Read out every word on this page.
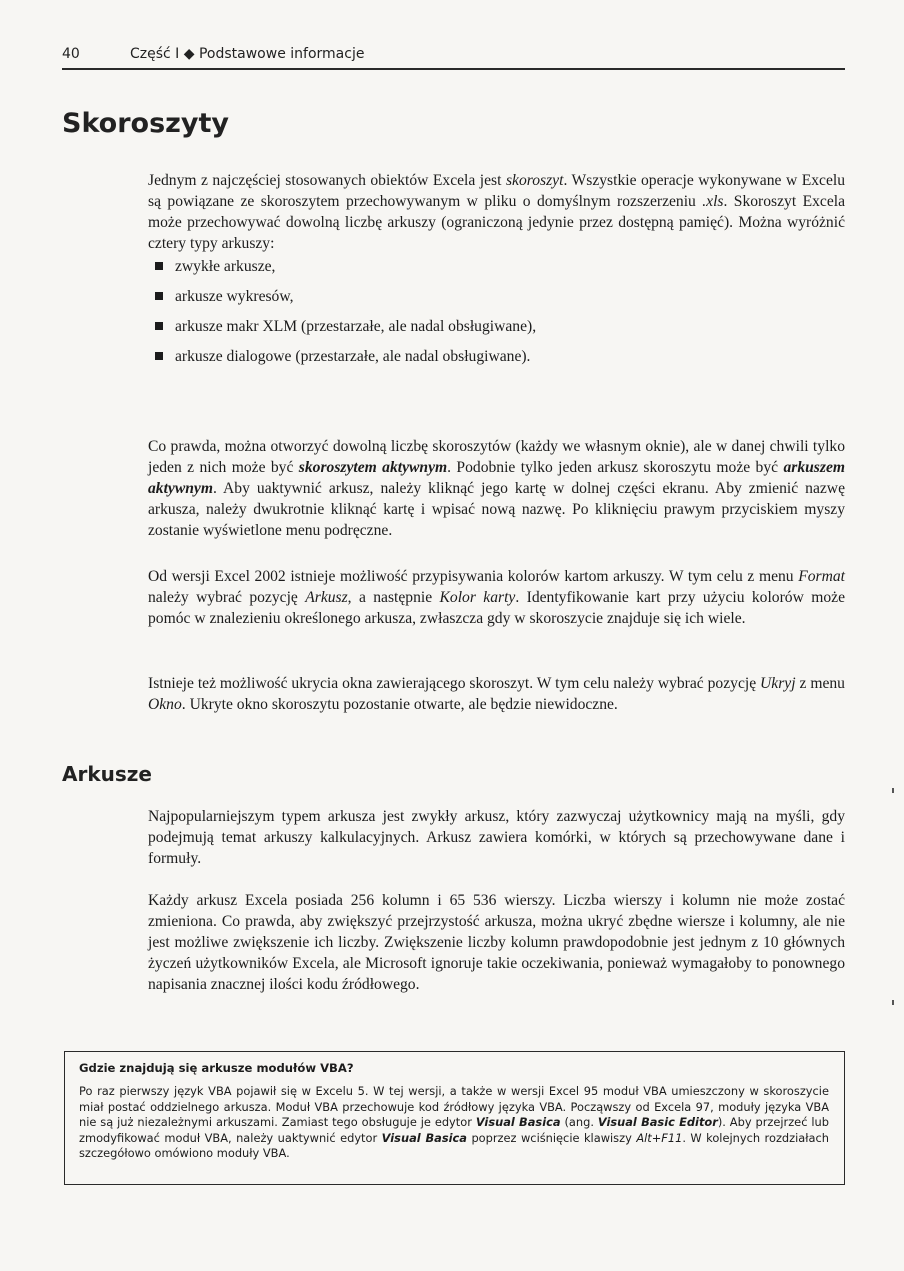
40	Część I ◆ Podstawowe informacje
Skoroszyty

Jednym z najczęściej stosowanych obiektów Excela jest skoroszyt. Wszystkie operacje wykonywane w Excelu są powiązane ze skoroszytem przechowywanym w pliku o domyślnym rozszerzeniu .xls. Skoroszyt Excela może przechowywać dowolną liczbę arkuszy (ograniczoną jedynie przez dostępną pamięć). Można wyróżnić cztery typy arkuszy:

zwykłe arkusze,
arkusze wykresów,
arkusze makr XLM (przestarzałe, ale nadal obsługiwane),
arkusze dialogowe (przestarzałe, ale nadal obsługiwane).

Co prawda, można otworzyć dowolną liczbę skoroszytów (każdy we własnym oknie), ale w danej chwili tylko jeden z nich może być skoroszytem aktywnym. Podobnie tylko jeden arkusz skoroszytu może być arkuszem aktywnym. Aby uaktywnić arkusz, należy kliknąć jego kartę w dolnej części ekranu. Aby zmienić nazwę arkusza, należy dwukrotnie kliknąć kartę i wpisać nową nazwę. Po kliknięciu prawym przyciskiem myszy zostanie wyświetlone menu podręczne.

Od wersji Excel 2002 istnieje możliwość przypisywania kolorów kartom arkuszy. W tym celu z menu Format należy wybrać pozycję Arkusz, a następnie Kolor karty. Identyfikowanie kart przy użyciu kolorów może pomóc w znalezieniu określonego arkusza, zwłaszcza gdy w skoroszycie znajduje się ich wiele.

Istnieje też możliwość ukrycia okna zawierającego skoroszyt. W tym celu należy wybrać pozycję Ukryj z menu Okno. Ukryte okno skoroszytu pozostanie otwarte, ale będzie niewidoczne.

Arkusze

Najpopularniejszym typem arkusza jest zwykły arkusz, który zazwyczaj użytkownicy mają na myśli, gdy podejmują temat arkuszy kalkulacyjnych. Arkusz zawiera komórki, w których są przechowywane dane i formuły.

Każdy arkusz Excela posiada 256 kolumn i 65 536 wierszy. Liczba wierszy i kolumn nie może zostać zmieniona. Co prawda, aby zwiększyć przejrzystość arkusza, można ukryć zbędne wiersze i kolumny, ale nie jest możliwe zwiększenie ich liczby. Zwiększenie liczby kolumn prawdopodobnie jest jednym z 10 głównych życzeń użytkowników Excela, ale Microsoft ignoruje takie oczekiwania, ponieważ wymagałoby to ponownego napisania znacznej ilości kodu źródłowego.

Gdzie znajdują się arkusze modułów VBA?

Po raz pierwszy język VBA pojawił się w Excelu 5. W tej wersji, a także w wersji Excel 95 moduł VBA umieszczony w skoroszycie miał postać oddzielnego arkusza. Moduł VBA przechowuje kod źródłowy języka VBA. Począwszy od Excela 97, moduły języka VBA nie są już niezależnymi arkuszami. Zamiast tego obsługuje je edytor Visual Basica (ang. Visual Basic Editor). Aby przejrzeć lub zmodyfikować moduł VBA, należy uaktywnić edytor Visual Basica poprzez wciśnięcie klawiszy Alt+F11. W kolejnych rozdziałach szczegółowo omówiono moduły VBA.
